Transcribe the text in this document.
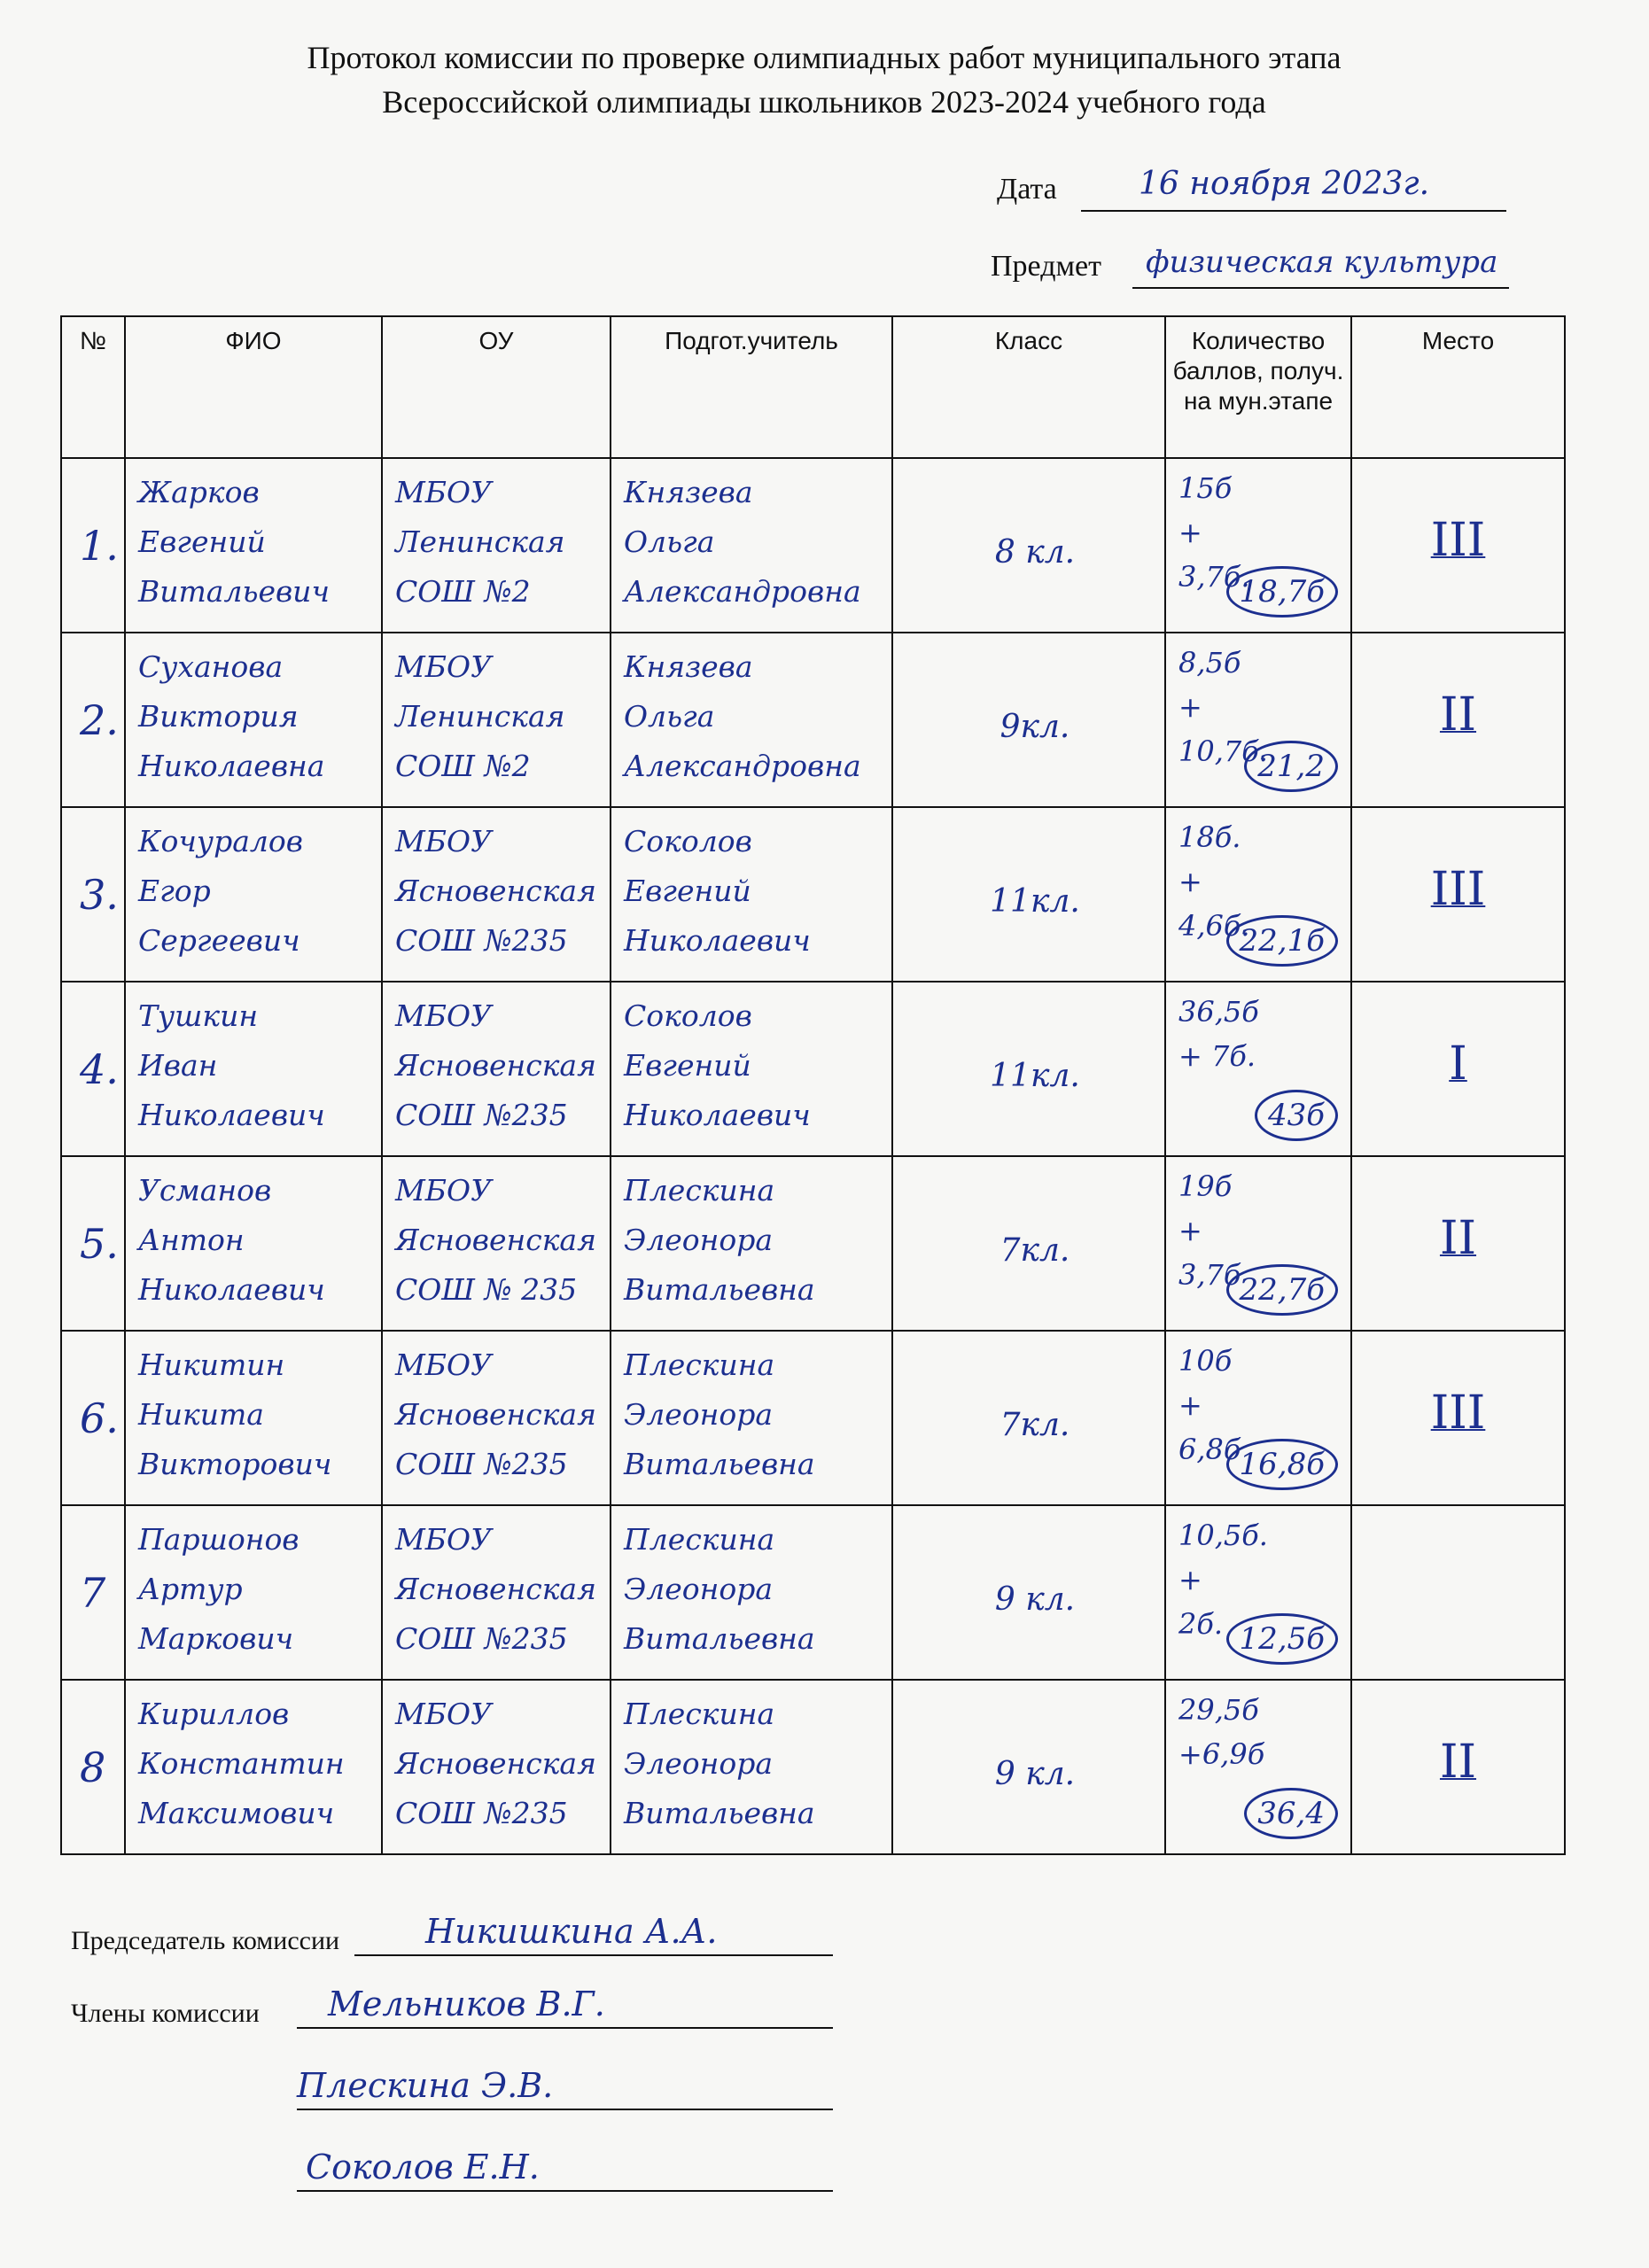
Протокол комиссии по проверке олимпиадных работ муниципального этапа
Всероссийской олимпиады школьников 2023-2024 учебного года
Дата	16 ноября 2023г.
Предмет физическая культура
№	ФИО	ОУ	Подгот.учитель	Класс	Количество баллов, получ. на мун.этапе	Место

1.	Жарков
Евгений
Витальевич	МБОУ
Ленинская
СОШ №2	Князева
Ольга
Александровна	8 кл.	15б
+
3,7б.
18,7б	III

2.	Суханова
Виктория
Николаевна	МБОУ
Ленинская
СОШ №2	Князева
Ольга
Александровна	9кл.	8,5б
+
10,7б.
21,2	II

3.	Кочуралов
Егор
Сергеевич	МБОУ
Ясновенская
СОШ №235	Соколов
Евгений
Николаевич	11кл.	18б.
+
4,6б.
22,1б	III

4.	Тушкин
Иван
Николаевич	МБОУ
Ясновенская
СОШ №235	Соколов
Евгений
Николаевич	11кл.	36,5б
+ 7б.
43б	I

5.	Усманов
Антон
Николаевич	МБОУ
Ясновенская
СОШ № 235	Плескина
Элеонора
Витальевна	7кл.	19б
+
3,7б
22,7б	II

6.	Никитин
Никита
Викторович	МБОУ
Ясновенская
СОШ №235	Плескина
Элеонора
Витальевна	7кл.	10б
+
6,8б
16,8б	III

7	Паршонов
Артур
Маркович	МБОУ
Ясновенская
СОШ №235	Плескина
Элеонора
Витальевна	9 кл.	10,5б.
+
2б. 12,5б	

8	Кириллов
Константин
Максимович	МБОУ
Ясновенская
СОШ №235	Плескина
Элеонора
Витальевна	9 кл.	29,5б
+6,9б
36,4	II
Председатель комиссии	Никишкина А.А.
Члены комиссии Мельников В.Г.
Плескина Э.В.
Соколов Е.Н.
